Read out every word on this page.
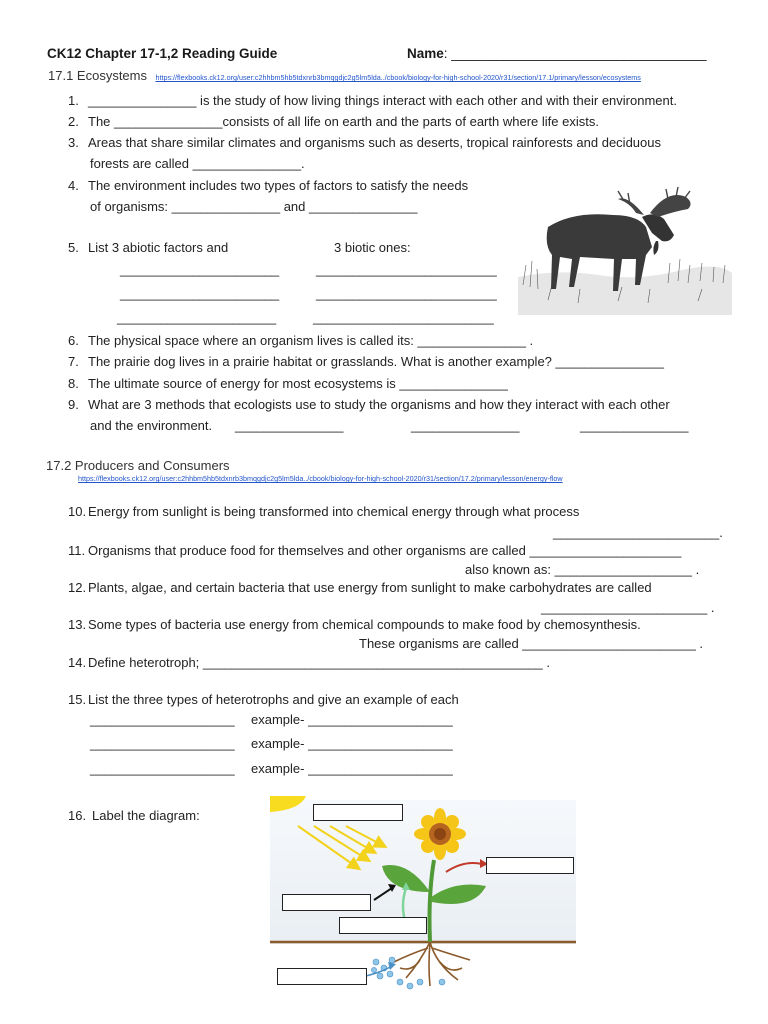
CK12 Chapter 17-1,2 Reading Guide	Name: __________________________________
17.1 Ecosystems https://flexbooks.ck12.org/user:c2hhbm5hb5tdxnrb3bmqgdjc2g5lm5lda../cbook/biology-for-high-school-2020/r31/section/17.1/primary/lesson/ecosystems
1. _______________ is the study of how living things interact with each other and with their environment.
2. The _______________consists of all life on earth and the parts of earth where life exists.
3. Areas that share similar climates and organisms such as deserts, tropical rainforests and deciduous
forests are called _______________.
4. The environment includes two types of factors to satisfy the needs
of organisms: _______________ and _______________
5. List 3 abiotic factors and	3 biotic ones:
______________________	_________________________
______________________	_________________________
______________________	_________________________
6. The physical space where an organism lives is called its: _______________ .
7. The prairie dog lives in a prairie habitat or grasslands. What is another example? _______________
8. The ultimate source of energy for most ecosystems is _______________
9. What are 3 methods that ecologists use to study the organisms and how they interact with each other
and the environment. _______________	_______________	_______________
17.2 Producers and Consumers
https://flexbooks.ck12.org/user:c2hhbm5hb5tdxnrb3bmqgdjc2g5lm5lda../cbook/biology-for-high-school-2020/r31/section/17.2/primary/lesson/energy-flow
10. Energy from sunlight is being transformed into chemical energy through what process
_______________________.
11. Organisms that produce food for themselves and other organisms are called _____________________
also known as: ___________________ .
12. Plants, algae, and certain bacteria that use energy from sunlight to make carbohydrates are called
_______________________ .
13. Some types of bacteria use energy from chemical compounds to make food by chemosynthesis.
These organisms are called ________________________ .
14. Define heterotroph; _______________________________________________ .
15. List the three types of heterotrophs and give an example of each
____________________ example- ____________________
____________________ example- ____________________
____________________ example- ____________________
16. Label the diagram:
